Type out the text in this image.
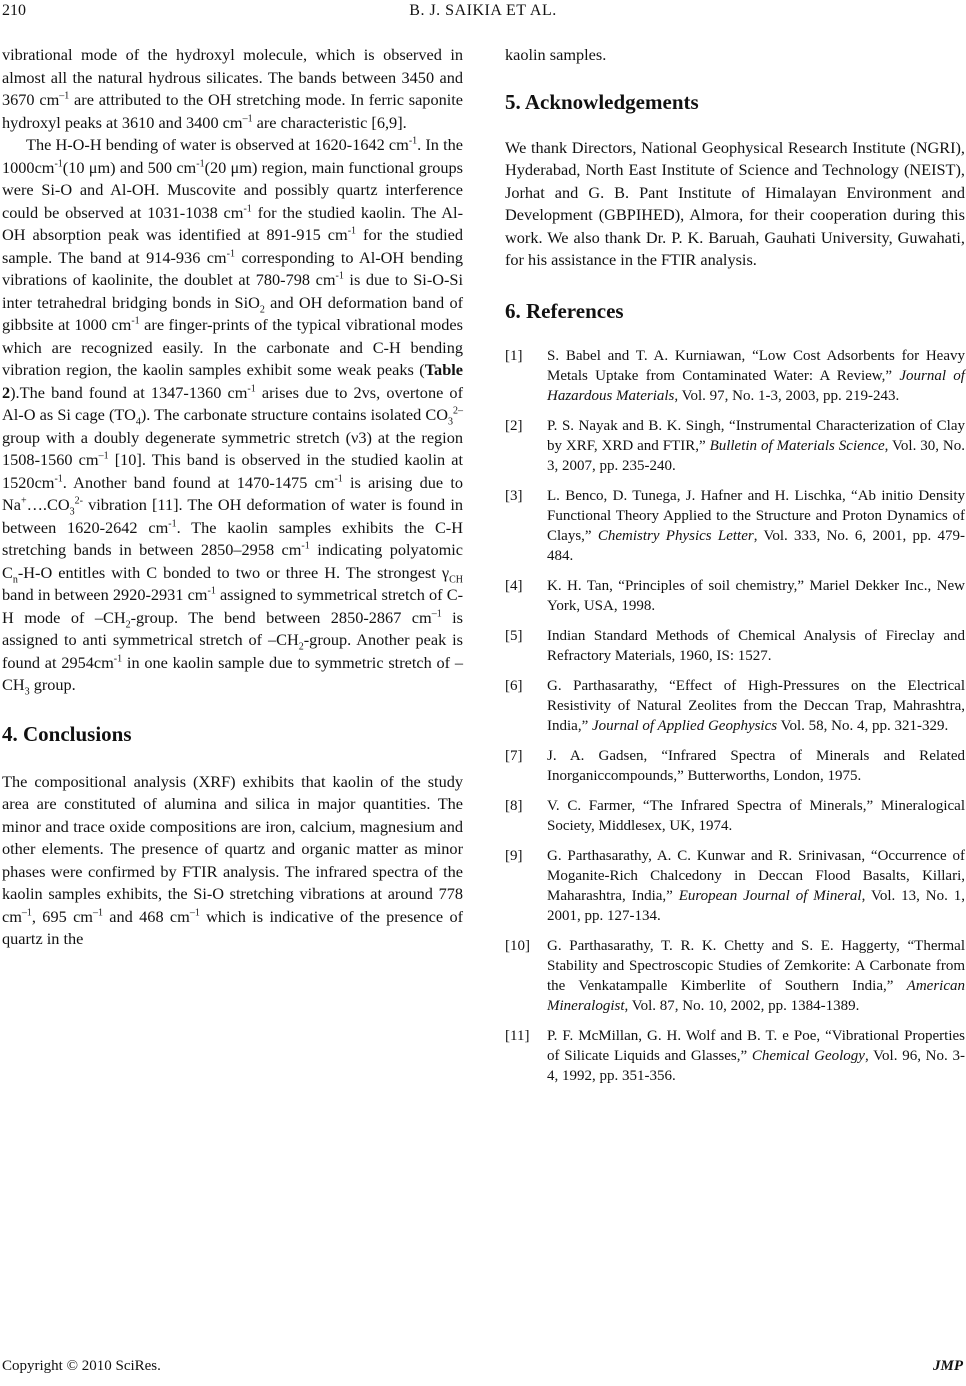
210	B. J. SAIKIA ET AL.

vibrational mode of the hydroxyl molecule, which is observed in almost all the natural hydrous silicates. The bands between 3450 and 3670 $cm^{-1}$ are attributed to the OH stretching mode. In ferric saponite hydroxyl peaks at 3610 and 3400 $cm^{-1}$ are characteristic [6,9].

The H-O-H bending of water is observed at 1620-1642 $cm^{-1}$. In the $1000cm^{-1}(10$ μm) and 500 $cm^{-1}(20$ μm) region, main functional groups were Si-O and Al-OH. Muscovite and possibly quartz interference could be observed at 1031-1038 $cm^{-1}$ for the studied kaolin. The Al-OH absorption peak was identified at 891-915 $cm^{-1}$ for the studied sample. The band at 914-936 $cm^{-1}$ corresponding to Al-OH bending vibrations of kaolinite, the doublet at 780-798 $cm^{-1}$ is due to Si-O-Si inter tetrahedral bridging bonds in SiO$_2$ and OH deformation band of gibbsite at 1000 $cm^{-1}$ are finger-prints of the typical vibrational modes which are recognized easily. In the carbonate and C-H bending vibration region, the kaolin samples exhibit some weak peaks (Table 2).The band found at 1347-1360 $cm^{-1}$ arises due to 2vs, overtone of Al-O as Si cage $(TO_4)$. The carbonate structure contains isolated $CO_3^{2-}$ group with a doubly degenerate symmetric stretch (ν3) at the region 1508-1560 $cm^{-1}$ [10]. This band is observed in the studied kaolin at $1520cm^{-1}$. Another band found at 1470-1475 $cm^{-1}$ is arising due to $Na^+\dots.CO_3^{2-}$ vibration [11]. The OH deformation of water is found in between 1620-2642 $cm^{-1}$. The kaolin samples exhibits the C-H stretching bands in between 2850–2958 $cm^{-1}$ indicating polyatomic $C_n-H-O$ entitles with C bonded to two or three H. The strongest $\gamma_{CH}$ band in between 2920-2931 $cm^{-1}$ assigned to symmetrical stretch of C-H mode of $-CH_2$-group. The bend between 2850-2867 $cm^{-1}$ is assigned to anti symmetrical stretch of $-CH_2$-group. Another peak is found at $2954cm^{-1}$ in one kaolin sample due to symmetric stretch of $-CH_3$ group.

4. Conclusions

The compositional analysis (XRF) exhibits that kaolin of the study area are constituted of alumina and silica in major quantities. The minor and trace oxide compositions are iron, calcium, magnesium and other elements. The presence of quartz and organic matter as minor phases were confirmed by FTIR analysis. The infrared spectra of the kaolin samples exhibits, the Si-O stretching vibrations at around 778 $cm^{-1}$, 695 $cm^{-1}$ and 468 $cm^{-1}$ which is indicative of the presence of quartz in the

kaolin samples.

5. Acknowledgements

We thank Directors, National Geophysical Research Institute (NGRI), Hyderabad, North East Institute of Science and Technology (NEIST), Jorhat and G. B. Pant Institute of Himalayan Environment and Development (GBPIHED), Almora, for their cooperation during this work. We also thank Dr. P. K. Baruah, Gauhati University, Guwahati, for his assistance in the FTIR analysis.

6. References
[1] S. Babel and T. A. Kurniawan, “Low Cost Adsorbents for Heavy Metals Uptake from Contaminated Water: A Review,” Journal of Hazardous Materials, Vol. 97, No. 1-3, 2003, pp. 219-243.
[2] P. S. Nayak and B. K. Singh, “Instrumental Characterization of Clay by XRF, XRD and FTIR,” Bulletin of Materials Science, Vol. 30, No. 3, 2007, pp. 235-240.
[3] L. Benco, D. Tunega, J. Hafner and H. Lischka, “Ab initio Density Functional Theory Applied to the Structure and Proton Dynamics of Clays,” Chemistry Physics Letter, Vol. 333, No. 6, 2001, pp. 479-484.
[4] K. H. Tan, “Principles of soil chemistry,” Mariel Dekker Inc., New York, USA, 1998.
[5] Indian Standard Methods of Chemical Analysis of Fireclay and Refractory Materials, 1960, IS: 1527.
[6] G. Parthasarathy, “Effect of High-Pressures on the Electrical Resistivity of Natural Zeolites from the Deccan Trap, Mahrashtra, India,” Journal of Applied Geophysics Vol. 58, No. 4, pp. 321-329.
[7] J. A. Gadsen, “Infrared Spectra of Minerals and Related Inorganiccompounds,” Butterworths, London, 1975.
[8] V. C. Farmer, “The Infrared Spectra of Minerals,” Mineralogical Society, Middlesex, UK, 1974.
[9] G. Parthasarathy, A. C. Kunwar and R. Srinivasan, “Occurrence of Moganite-Rich Chalcedony in Deccan Flood Basalts, Killari, Maharashtra, India,” European Journal of Mineral, Vol. 13, No. 1, 2001, pp. 127-134.
[10] G. Parthasarathy, T. R. K. Chetty and S. E. Haggerty, “Thermal Stability and Spectroscopic Studies of Zemkorite: A Carbonate from the Venkatampalle Kimberlite of Southern India,” American Mineralogist, Vol. 87, No. 10, 2002, pp. 1384-1389.
[11] P. F. McMillan, G. H. Wolf and B. T. e Poe, “Vibrational Properties of Silicate Liquids and Glasses,” Chemical Geology, Vol. 96, No. 3-4, 1992, pp. 351-356.
Copyright © 2010 SciRes.	JMP
